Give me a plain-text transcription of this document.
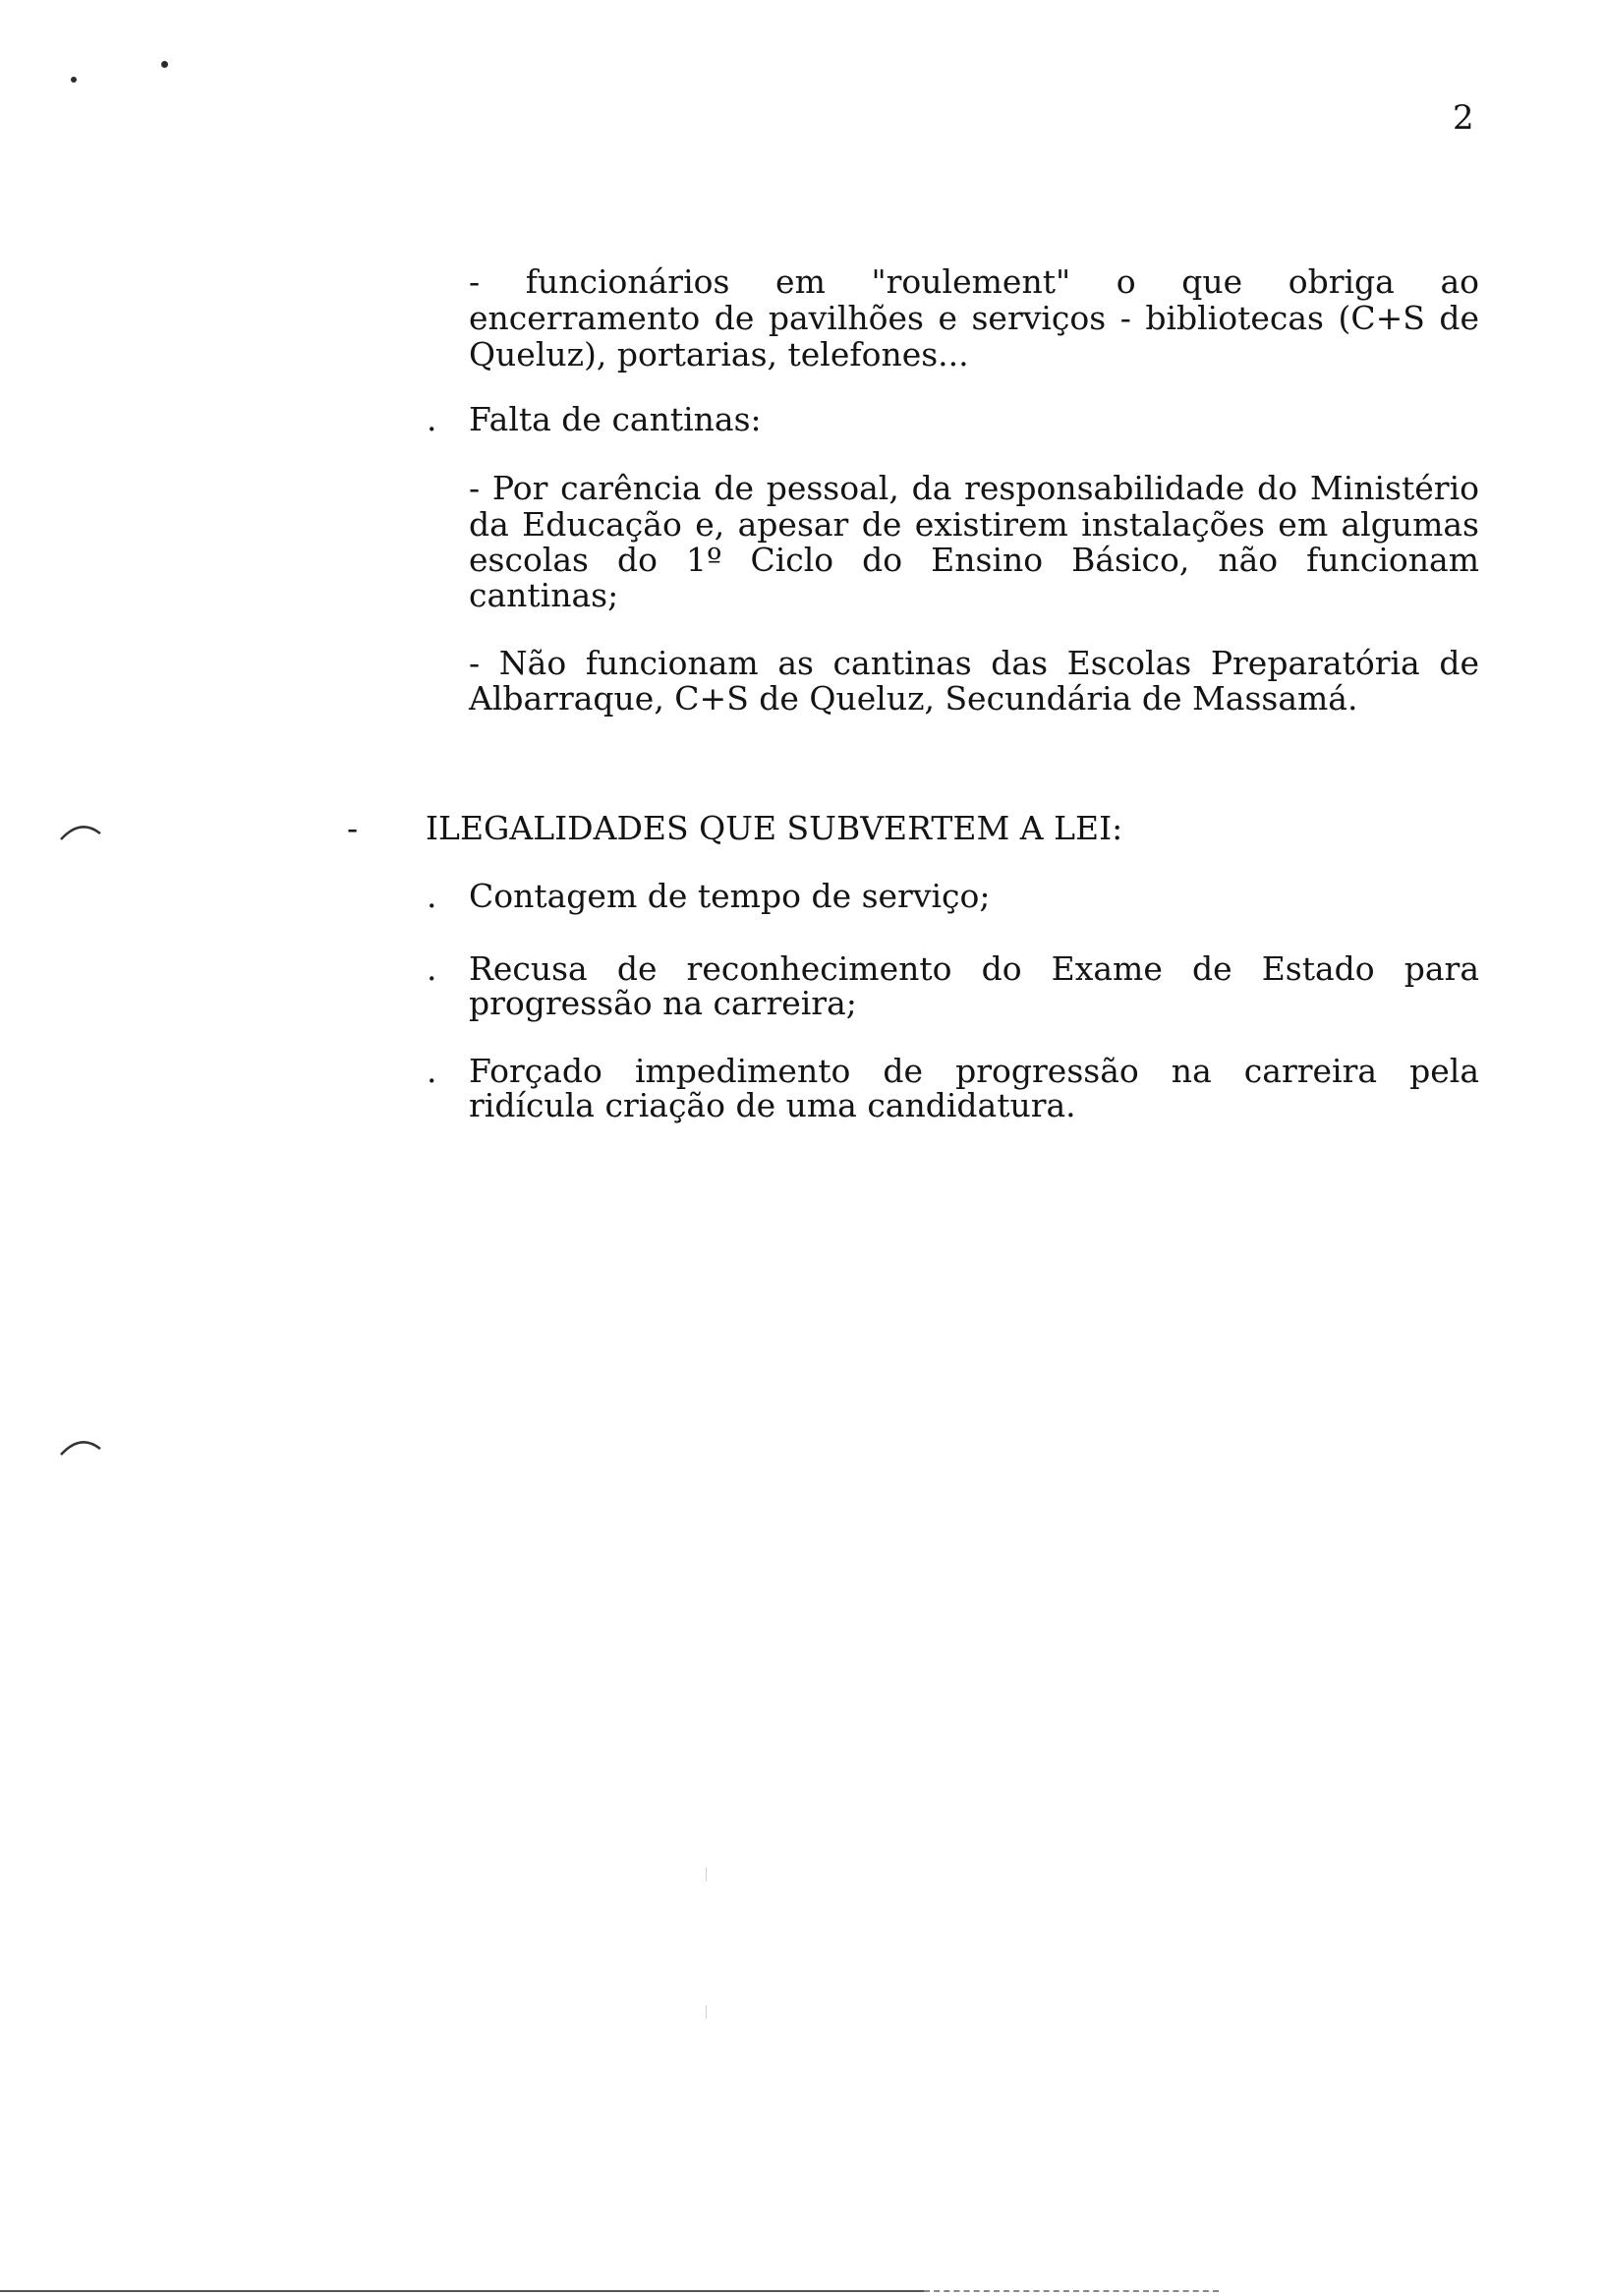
2

- funcionários em "roulement" o que obriga ao

encerramento de pavilhões e serviços - bibliotecas (C+S de

Queluz), portarias, telefones...

. Falta de cantinas:

- Por carência de pessoal, da responsabilidade do Ministério

da Educação e, apesar de existirem instalações em algumas

escolas do 1º Ciclo do Ensino Básico, não funcionam

cantinas;

- Não funcionam as cantinas das Escolas Preparatória de

Albarraque, C+S de Queluz, Secundária de Massamá.

- ILEGALIDADES QUE SUBVERTEM A LEI:
. Contagem de tempo de serviço;

. Recusa de reconhecimento do Exame de Estado para

progressão na carreira;

. Forçado impedimento de progressão na carreira pela

ridícula criação de uma candidatura.
